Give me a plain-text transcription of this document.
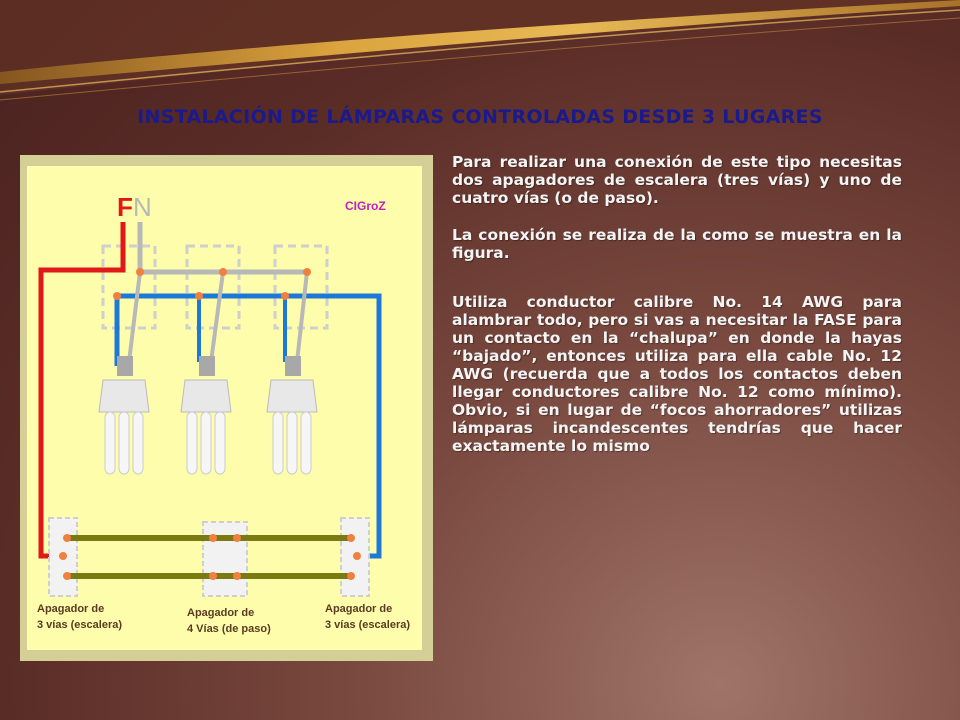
INSTALACIÓN DE LÁMPARAS CONTROLADAS DESDE 3 LUGARES
F N	CIGroZ
Apagador de
3 vías (escalera)
Apagador de
4 Vías (de paso)
Apagador de
3 vías (escalera)

Para realizar una conexión de este tipo necesitas dos apagadores de escalera (tres vías) y uno de cuatro vías (o de paso).

La conexión se realiza de la como se muestra en la figura.

Utiliza conductor calibre No. 14 AWG para alambrar todo, pero si vas a necesitar la FASE para un contacto en la “chalupa” en donde la hayas “bajado”, entonces utiliza para ella cable No. 12 AWG (recuerda que a todos los contactos deben llegar conductores calibre No. 12 como mínimo). Obvio, si en lugar de “focos ahorradores” utilizas lámparas incandescentes tendrías que hacer exactamente lo mismo
